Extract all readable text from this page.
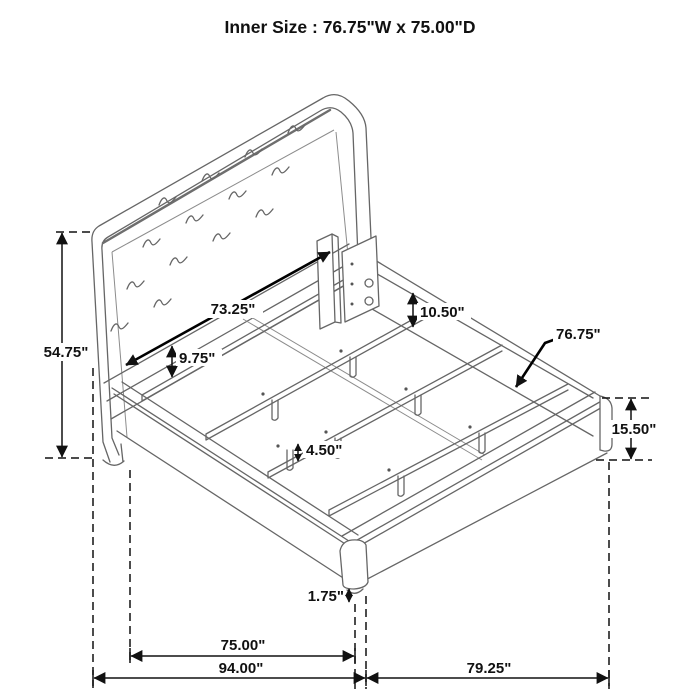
Inner Size : 76.75"W x 75.00"D
54.75"
73.25"
9.75"
10.50"
76.75"
15.50"
4.50"
1.75"
75.00"
94.00"	79.25"
